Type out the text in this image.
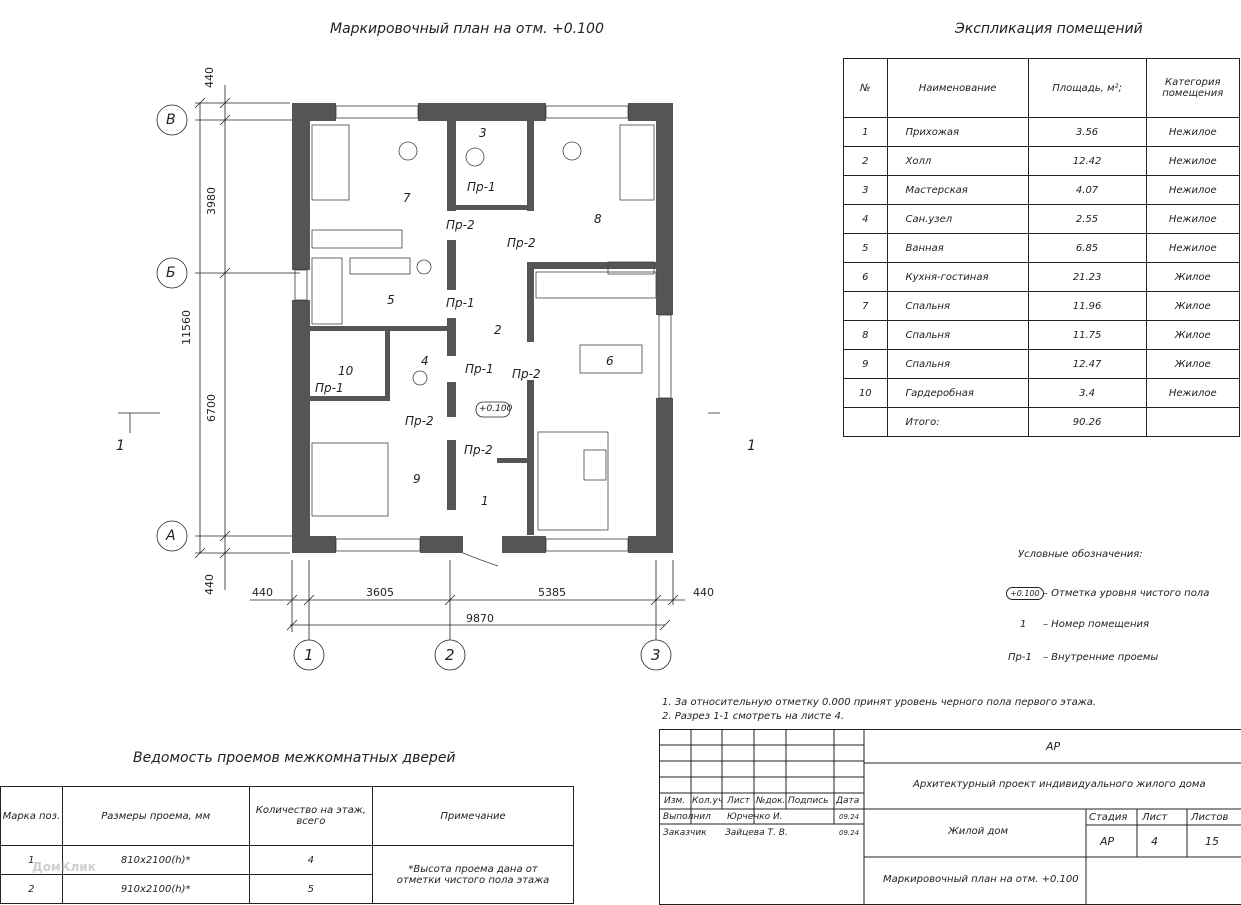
Маркировочный план на отм. +0.100
В
Б
А
1	2	3
440
3980
11560
6700
440	440	3605	5385	440
9870
1	1
+0.100
1
2
3
4
5
6
7
8
9
10
Пр-1
Пр-2
Пр-2
Пр-1
Пр-1 Пр-2
Пр-1
Пр-2
Пр-2
Экспликация помещений
№	Наименование	Площадь, м²;	Категория помещения
1	Прихожая	3.56	Нежилое
2	Холл	12.42	Нежилое
3	Мастерская	4.07	Нежилое
4	Сан.узел	2.55	Нежилое
5	Ванная	6.85	Нежилое
6	Кухня-гостиная	21.23	Жилое
7	Спальня	11.96	Жилое
8	Спальня	11.75	Жилое
9	Спальня	12.47	Жилое
10	Гардеробная	3.4	Нежилое
	Итого:	90.26	
Условные обозначения:
+0.100 – Отметка уровня чистого пола
1 – Номер помещения
Пр-1 – Внутренние проемы
1. За относительную отметку 0.000 принят уровень черного пола первого этажа.
2. Разрез 1-1 смотреть на листе 4.
Ведомость проемов межкомнатных дверей
Марка поз.	Размеры проема, мм	Количество на этаж, всего	Примечание
1	810х2100(h)*	4	*Высота проема дана от отметки чистого пола этажа
2	910х2100(h)*	5	
ДомКлик
АР
Архитектурный проект индивидуального жилого дома
Жилой дом
Маркировочный план на отм. +0.100
Изм. Кол.уч Лист №док. Подпись Дата
Выполнил Юрченко И.	09.24
Заказчик Зайцева Т. В.	09.24
Стадия Лист Листов
АР	4	15
